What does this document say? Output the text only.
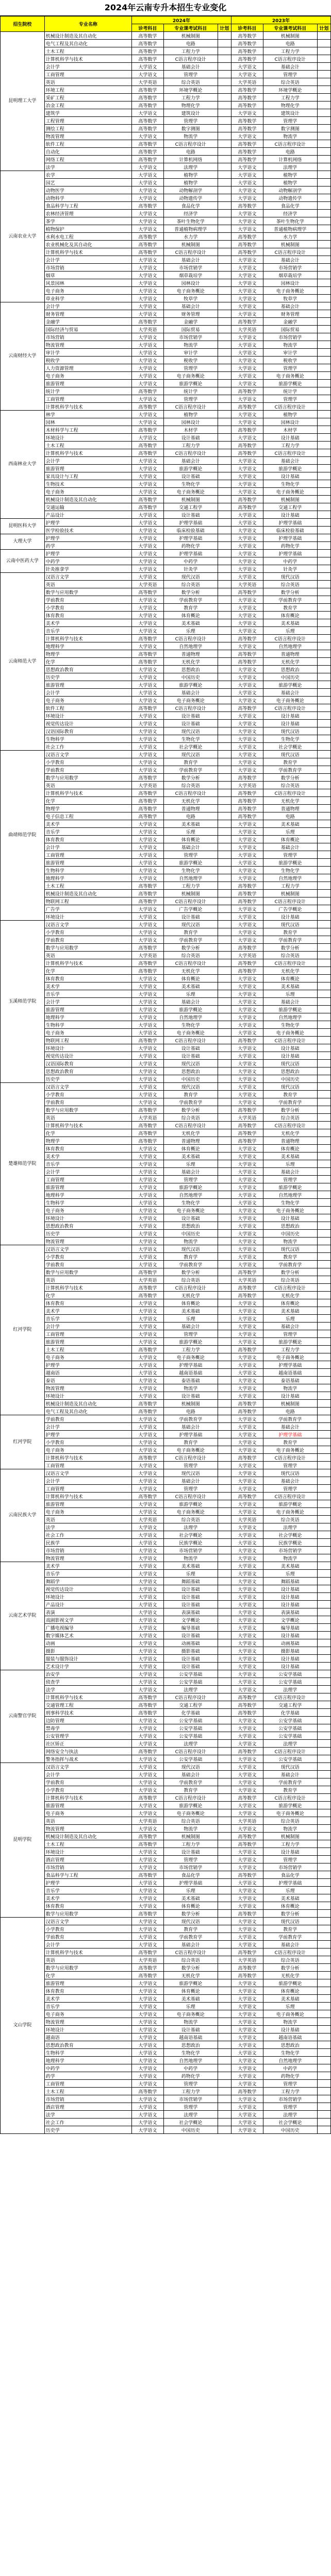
2024年云南专升本招生专业变化
招生院校	专业名称	2024年			2023年		
		诊考科目	专业课考试科目	计划	诊考科目	专业课考试科目	计划
昆明理工大学	机械设计制造及其自动化	高等数学	机械制图		高等数学	机械制图	
	电气工程及其自动化	高等数学	电路		高等数学	电路	
	土木工程	高等数学	工程力学		高等数学	工程力学	
	计算机科学与技术	高等数学	C语言程序设计		高等数学	C语言程序设计	
	会计学	大学语文	基础会计		大学语文	基础会计	
	工商管理	大学语文	管理学		大学语文	管理学	
	英语	大学英语	综合英语		大学英语	综合英语	
	环境工程	高等数学	环境学概论		高等数学	环境学概论	
	采矿工程	高等数学	工程力学		高等数学	工程力学	
	冶金工程	高等数学	物理化学		高等数学	物理化学	
	建筑学	大学语文	建筑设计		大学语文	建筑设计	
	工程管理	高等数学	管理学		高等数学	管理学	
	测绘工程	高等数学	数字测图		高等数学	数字测图	
	物流管理	大学语文	物流学		大学语文	物流学	
	软件工程	高等数学	C语言程序设计		高等数学	C语言程序设计	
	自动化	高等数学	电路		高等数学	电路	
	网络工程	高等数学	计算机网络		高等数学	计算机网络	
	法学	大学语文	法理学		大学语文	法理学	
云南农业大学	农学	大学语文	植物学		大学语文	植物学	
	园艺	大学语文	植物学		大学语文	植物学	
	动物医学	大学语文	动物解剖学		大学语文	动物解剖学	
	动物科学	大学语文	动物遗传学		大学语文	动物遗传学	
	食品科学与工程	高等数学	食品化学		高等数学	食品化学	
	农林经济管理	大学语文	经济学		大学语文	经济学	
	茶学	大学语文	茶叶生物化学		大学语文	茶叶生物化学	
	植物保护	大学语文	普通植物病理学		大学语文	普通植物病理学	
	水利水电工程	高等数学	水力学		高等数学	水力学	
	农业机械化及其自动化	高等数学	机械制图		高等数学	机械制图	
	计算机科学与技术	高等数学	C语言程序设计		高等数学	C语言程序设计	
	会计学	大学语文	基础会计		大学语文	基础会计	
	市场营销	大学语文	市场营销学		大学语文	市场营销学	
	烟草	大学语文	烟草栽培学		大学语文	烟草栽培学	
	风景园林	大学语文	园林设计		大学语文	园林设计	
	电子商务	大学语文	电子商务概论		大学语文	电子商务概论	
	草业科学	大学语文	牧草学		大学语文	牧草学	
云南财经大学	会计学	大学语文	基础会计		大学语文	基础会计	
	财务管理	大学语文	财务管理		大学语文	财务管理	
	金融学	高等数学	金融学		高等数学	金融学	
	国际经济与贸易	大学英语	国际贸易		大学英语	国际贸易	
	市场营销	大学语文	市场营销学		大学语文	市场营销学	
	物流管理	大学语文	物流学		大学语文	物流学	
	审计学	大学语文	审计学		大学语文	审计学	
	税收学	大学语文	税收学		大学语文	税收学	
	人力资源管理	大学语文	管理学		大学语文	管理学	
	电子商务	大学语文	电子商务概论		大学语文	电子商务概论	
	旅游管理	大学语文	旅游学概论		大学语文	旅游学概论	
	统计学	高等数学	统计学		高等数学	统计学	
	工商管理	大学语文	管理学		大学语文	管理学	
	计算机科学与技术	高等数学	C语言程序设计		高等数学	C语言程序设计	
西南林业大学	林学	大学语文	植物学		大学语文	植物学	
	园林	大学语文	园林设计		大学语文	园林设计	
	木材科学与工程	高等数学	木材学		高等数学	木材学	
	环境设计	大学语文	设计基础		大学语文	设计基础	
	土木工程	高等数学	工程力学		高等数学	工程力学	
	计算机科学与技术	高等数学	C语言程序设计		高等数学	C语言程序设计	
	会计学	大学语文	基础会计		大学语文	基础会计	
	旅游管理	大学语文	旅游学概论		大学语文	旅游学概论	
	家具设计与工程	大学语文	设计基础		大学语文	设计基础	
	生物技术	大学语文	生物化学		大学语文	生物化学	
	电子商务	大学语文	电子商务概论		大学语文	电子商务概论	
	机械设计制造及其自动化	高等数学	机械制图		高等数学	机械制图	
	交通运输	高等数学	交通工程学		高等数学	交通工程学	
	产品设计	大学语文	设计基础		大学语文	设计基础	
昆明医科大学	护理学	大学语文	护理学基础		大学语文	护理学基础	
	医学检验技术	大学语文	临床检验基础		大学语文	临床检验基础	
大理大学	护理学	大学语文	护理学基础		大学语文	护理学基础	
	药学	大学语文	药物化学		大学语文	药物化学	
云南中医药大学	护理学	大学语文	护理学基础		大学语文	护理学基础	
	中药学	大学语文	中药学		大学语文	中药学	
	针灸推拿学	大学语文	针灸学		大学语文	针灸学	
云南师范大学	汉语言文学	大学语文	现代汉语		大学语文	现代汉语	
	英语	大学英语	综合英语		大学英语	综合英语	
	数学与应用数学	高等数学	数学分析		高等数学	数学分析	
	学前教育	大学语文	学前教育学		大学语文	学前教育学	
	小学教育	大学语文	教育学		大学语文	教育学	
	体育教育	大学语文	体育概论		大学语文	体育概论	
	美术学	大学语文	美术基础		大学语文	美术基础	
	音乐学	大学语文	乐理		大学语文	乐理	
	计算机科学与技术	高等数学	C语言程序设计		高等数学	C语言程序设计	
	地理科学	大学语文	自然地理学		大学语文	自然地理学	
	物理学	高等数学	普通物理		高等数学	普通物理	
	化学	高等数学	无机化学		高等数学	无机化学	
	思想政治教育	大学语文	思想政治		大学语文	思想政治	
	历史学	大学语文	中国历史		大学语文	中国历史	
	旅游管理	大学语文	旅游学概论		大学语文	旅游学概论	
	会计学	大学语文	基础会计		大学语文	基础会计	
	电子商务	大学语文	电子商务概论		大学语文	电子商务概论	
	软件工程	高等数学	C语言程序设计		高等数学	C语言程序设计	
	环境设计	大学语文	设计基础		大学语文	设计基础	
	视觉传达设计	大学语文	设计基础		大学语文	设计基础	
	汉语国际教育	大学语文	现代汉语		大学语文	现代汉语	
	生物科学	大学语文	生物化学		大学语文	生物化学	
	社会工作	大学语文	社会学概论		大学语文	社会学概论	
曲靖师范学院	汉语言文学	大学语文	现代汉语		大学语文	现代汉语	
	小学教育	大学语文	教育学		大学语文	教育学	
	学前教育	大学语文	学前教育学		大学语文	学前教育学	
	数学与应用数学	高等数学	数学分析		高等数学	数学分析	
	英语	大学英语	综合英语		大学英语	综合英语	
	计算机科学与技术	高等数学	C语言程序设计		高等数学	C语言程序设计	
	化学	高等数学	无机化学		高等数学	无机化学	
	物理学	高等数学	普通物理		高等数学	普通物理	
	电子信息工程	高等数学	电路		高等数学	电路	
	美术学	大学语文	美术基础		大学语文	美术基础	
	音乐学	大学语文	乐理		大学语文	乐理	
	体育教育	大学语文	体育概论		大学语文	体育概论	
	会计学	大学语文	基础会计		大学语文	基础会计	
	工商管理	大学语文	管理学		大学语文	管理学	
	旅游管理	大学语文	旅游学概论		大学语文	旅游学概论	
	生物科学	大学语文	生物化学		大学语文	生物化学	
	地理科学	大学语文	自然地理学		大学语文	自然地理学	
	土木工程	高等数学	工程力学		高等数学	工程力学	
	机械设计制造及其自动化	高等数学	机械制图		高等数学	机械制图	
	物联网工程	高等数学	C语言程序设计		高等数学	C语言程序设计	
	广告学	大学语文	广告学概论		大学语文	广告学概论	
	环境设计	大学语文	设计基础		大学语文	设计基础	
玉溪师范学院	汉语言文学	大学语文	现代汉语		大学语文	现代汉语	
	小学教育	大学语文	教育学		大学语文	教育学	
	学前教育	大学语文	学前教育学		大学语文	学前教育学	
	数学与应用数学	高等数学	数学分析		高等数学	数学分析	
	英语	大学英语	综合英语		大学英语	综合英语	
	计算机科学与技术	高等数学	C语言程序设计		高等数学	C语言程序设计	
	化学	高等数学	无机化学		高等数学	无机化学	
	体育教育	大学语文	体育概论		大学语文	体育概论	
	美术学	大学语文	美术基础		大学语文	美术基础	
	音乐学	大学语文	乐理		大学语文	乐理	
	会计学	大学语文	基础会计		大学语文	基础会计	
	旅游管理	大学语文	旅游学概论		大学语文	旅游学概论	
	地理科学	大学语文	自然地理学		大学语文	自然地理学	
	生物科学	大学语文	生物化学		大学语文	生物化学	
	电子商务	大学语文	电子商务概论		大学语文	电子商务概论	
	物联网工程	高等数学	C语言程序设计		高等数学	C语言程序设计	
	环境设计	大学语文	设计基础		大学语文	设计基础	
	视觉传达设计	大学语文	设计基础		大学语文	设计基础	
	汉语国际教育	大学语文	现代汉语		大学语文	现代汉语	
	思想政治教育	大学语文	思想政治		大学语文	思想政治	
	历史学	大学语文	中国历史		大学语文	中国历史	
楚雄师范学院	汉语言文学	大学语文	现代汉语		大学语文	现代汉语	
	小学教育	大学语文	教育学		大学语文	教育学	
	学前教育	大学语文	学前教育学		大学语文	学前教育学	
	数学与应用数学	高等数学	数学分析		高等数学	数学分析	
	英语	大学英语	综合英语		大学英语	综合英语	
	计算机科学与技术	高等数学	C语言程序设计		高等数学	C语言程序设计	
	化学	高等数学	无机化学		高等数学	无机化学	
	物理学	高等数学	普通物理		高等数学	普通物理	
	体育教育	大学语文	体育概论		大学语文	体育概论	
	美术学	大学语文	美术基础		大学语文	美术基础	
	音乐学	大学语文	乐理		大学语文	乐理	
	会计学	大学语文	基础会计		大学语文	基础会计	
	工商管理	大学语文	管理学		大学语文	管理学	
	旅游管理	大学语文	旅游学概论		大学语文	旅游学概论	
	地理科学	大学语文	自然地理学		大学语文	自然地理学	
	生物科学	大学语文	生物化学		大学语文	生物化学	
	电子商务	大学语文	电子商务概论		大学语文	电子商务概论	
	环境设计	大学语文	设计基础		大学语文	设计基础	
	思想政治教育	大学语文	思想政治		大学语文	思想政治	
	历史学	大学语文	中国历史		大学语文	中国历史	
	物流管理	大学语文	物流学		大学语文	物流学	
红河学院	汉语言文学	大学语文	现代汉语		大学语文	现代汉语	
	小学教育	大学语文	教育学		大学语文	教育学	
	学前教育	大学语文	学前教育学		大学语文	学前教育学	
	数学与应用数学	高等数学	数学分析		高等数学	数学分析	
	英语	大学英语	综合英语		大学英语	综合英语	
	计算机科学与技术	高等数学	C语言程序设计		高等数学	C语言程序设计	
	化学	高等数学	无机化学		高等数学	无机化学	
	体育教育	大学语文	体育概论		大学语文	体育概论	
	美术学	大学语文	美术基础		大学语文	美术基础	
	音乐学	大学语文	乐理		大学语文	乐理	
	会计学	大学语文	基础会计		大学语文	基础会计	
	工商管理	大学语文	管理学		大学语文	管理学	
	旅游管理	大学语文	旅游学概论		大学语文	旅游学概论	
	土木工程	高等数学	工程力学		高等数学	工程力学	
	电子商务	大学语文	电子商务概论		大学语文	电子商务概论	
	护理学	大学语文	护理学基础		大学语文	护理学基础	
	越南语	大学语文	越南语基础		大学语文	越南语基础	
	泰语	大学语文	泰语基础		大学语文	泰语基础	
	物流管理	大学语文	物流学		大学语文	物流学	
	环境设计	大学语文	设计基础		大学语文	设计基础	
	机械设计制造及其自动化	高等数学	机械制图		高等数学	机械制图	
	电气工程及其自动化	高等数学	电路		高等数学	电路	
红河学院	学前教育	大学语文	学前教育学		大学语文	学前教育学	
	会计学	大学语文	基础会计		大学语文	基础会计	
	护理学	大学语文	护理学基础		大学语文	护理学基础	
	小学教育	大学语文	教育学		大学语文	教育学	
	电子商务	大学语文	电子商务概论		大学语文	电子商务概论	
	计算机科学与技术	高等数学	C语言程序设计		高等数学	C语言程序设计	
	工商管理	大学语文	管理学		大学语文	管理学	
云南民族大学	汉语言文学	大学语文	现代汉语		大学语文	现代汉语	
	会计学	大学语文	基础会计		大学语文	基础会计	
	工商管理	大学语文	管理学		大学语文	管理学	
	计算机科学与技术	高等数学	C语言程序设计		高等数学	C语言程序设计	
	旅游管理	大学语文	旅游学概论		大学语文	旅游学概论	
	电子商务	大学语文	电子商务概论		大学语文	电子商务概论	
	英语	大学英语	综合英语		大学英语	综合英语	
	法学	大学语文	法理学		大学语文	法理学	
	社会工作	大学语文	社会学概论		大学语文	社会学概论	
	民族学	大学语文	民族学概论		大学语文	民族学概论	
	市场营销	大学语文	市场营销学		大学语文	市场营销学	
	物流管理	大学语文	物流学		大学语文	物流学	
云南艺术学院	美术学	大学语文	美术基础		大学语文	美术基础	
	音乐学	大学语文	乐理		大学语文	乐理	
	舞蹈学	大学语文	舞蹈基础		大学语文	舞蹈基础	
	视觉传达设计	大学语文	设计基础		大学语文	设计基础	
	环境设计	大学语文	设计基础		大学语文	设计基础	
	产品设计	大学语文	设计基础		大学语文	设计基础	
	表演	大学语文	表演基础		大学语文	表演基础	
	戏剧影视文学	大学语文	文学概论		大学语文	文学概论	
	广播电视编导	大学语文	编导基础		大学语文	编导基础	
	数字媒体艺术	大学语文	设计基础		大学语文	设计基础	
	动画	大学语文	动画基础		大学语文	动画基础	
	摄影	大学语文	摄影基础		大学语文	摄影基础	
	服装与服饰设计	大学语文	设计基础		大学语文	设计基础	
	艺术设计学	大学语文	设计基础		大学语文	设计基础	
云南警官学院	治安学	大学语文	公安学基础		大学语文	公安学基础	
	侦查学	大学语文	公安学基础		大学语文	公安学基础	
	法学	大学语文	法理学		大学语文	法理学	
	计算机科学与技术	高等数学	C语言程序设计		高等数学	C语言程序设计	
	交通管理工程	高等数学	交通工程学		高等数学	交通工程学	
	刑事科学技术	高等数学	化学基础		高等数学	化学基础	
	边防管理	大学语文	公安学基础		大学语文	公安学基础	
	禁毒学	大学语文	公安学基础		大学语文	公安学基础	
	公安管理学	大学语文	公安学基础		大学语文	公安学基础	
	社区矫正	大学语文	法理学		大学语文	法理学	
	网络安全与执法	高等数学	C语言程序设计		高等数学	C语言程序设计	
	警务指挥与战术	大学语文	公安学基础		大学语文	公安学基础	
昆明学院	汉语言文学	大学语文	现代汉语		大学语文	现代汉语	
	会计学	大学语文	基础会计		大学语文	基础会计	
	学前教育	大学语文	学前教育学		大学语文	学前教育学	
	小学教育	大学语文	教育学		大学语文	教育学	
	计算机科学与技术	高等数学	C语言程序设计		高等数学	C语言程序设计	
	旅游管理	大学语文	旅游学概论		大学语文	旅游学概论	
	电子商务	大学语文	电子商务概论		大学语文	电子商务概论	
	英语	大学英语	综合英语		大学英语	综合英语	
	物流管理	大学语文	物流学		大学语文	物流学	
	机械设计制造及其自动化	高等数学	机械制图		高等数学	机械制图	
	土木工程	高等数学	工程力学		高等数学	工程力学	
	环境设计	大学语文	设计基础		大学语文	设计基础	
	酒店管理	大学语文	管理学		大学语文	管理学	
	市场营销	大学语文	市场营销学		大学语文	市场营销学	
	食品科学与工程	高等数学	食品化学		高等数学	食品化学	
	护理学	大学语文	护理学基础		大学语文	护理学基础	
	音乐学	大学语文	乐理		大学语文	乐理	
	美术学	大学语文	美术基础		大学语文	美术基础	
	体育教育	大学语文	体育概论		大学语文	体育概论	
	数学与应用数学	高等数学	数学分析		高等数学	数学分析	
文山学院	汉语言文学	大学语文	现代汉语		大学语文	现代汉语	
	小学教育	大学语文	教育学		大学语文	教育学	
	学前教育	大学语文	学前教育学		大学语文	学前教育学	
	会计学	大学语文	基础会计		大学语文	基础会计	
	计算机科学与技术	高等数学	C语言程序设计		高等数学	C语言程序设计	
	英语	大学英语	综合英语		大学英语	综合英语	
	数学与应用数学	高等数学	数学分析		高等数学	数学分析	
	化学	高等数学	无机化学		高等数学	无机化学	
	旅游管理	大学语文	旅游学概论		大学语文	旅游学概论	
	体育教育	大学语文	体育概论		大学语文	体育概论	
	美术学	大学语文	美术基础		大学语文	美术基础	
	音乐学	大学语文	乐理		大学语文	乐理	
	电子商务	大学语文	电子商务概论		大学语文	电子商务概论	
	物流管理	大学语文	物流学		大学语文	物流学	
	环境设计	大学语文	设计基础		大学语文	设计基础	
	越南语	大学语文	越南语基础		大学语文	越南语基础	
	思想政治教育	大学语文	思想政治		大学语文	思想政治	
	生物科学	大学语文	生物化学		大学语文	生物化学	
	地理科学	大学语文	自然地理学		大学语文	自然地理学	
	中药学	大学语文	中药学		大学语文	中药学	
	药学	大学语文	药物化学		大学语文	药物化学	
	工商管理	大学语文	管理学		大学语文	管理学	
	土木工程	高等数学	工程力学		高等数学	工程力学	
	市场营销	大学语文	市场营销学		大学语文	市场营销学	
	酒店管理	大学语文	管理学		大学语文	管理学	
	法学	大学语文	法理学		大学语文	法理学	
	社会工作	大学语文	社会学概论		大学语文	社会学概论	
	历史学	大学语文	中国历史		大学语文	中国历史	
